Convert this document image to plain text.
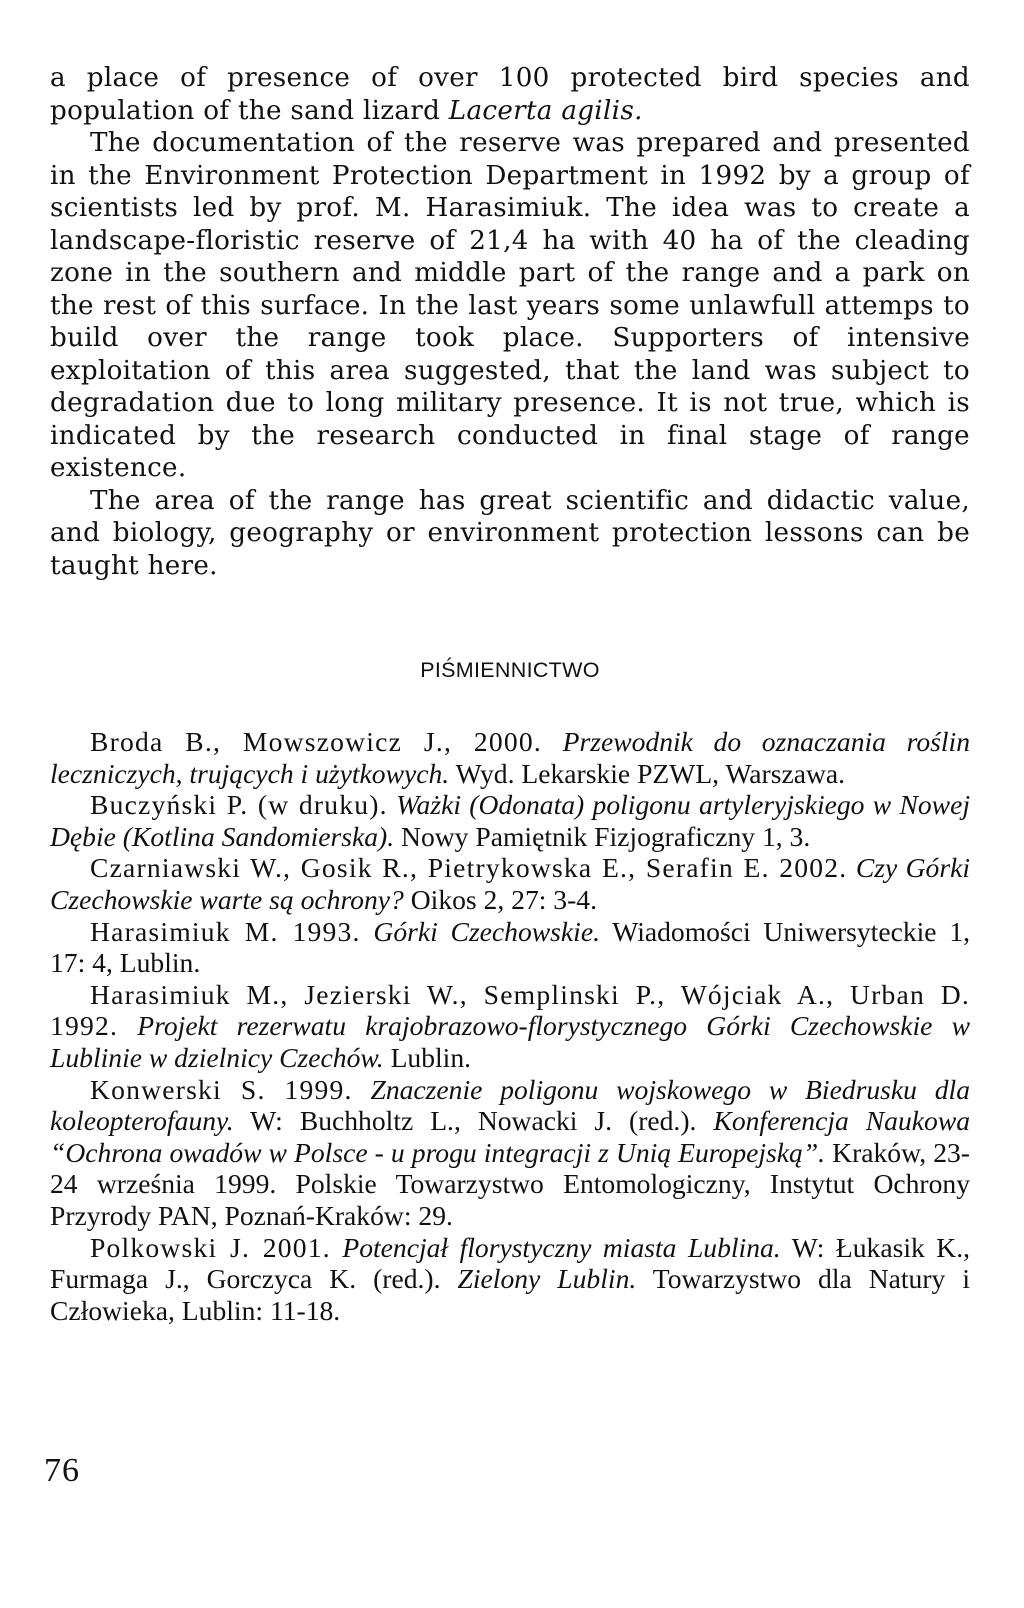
a place of presence of over 100 protected bird species and population of the sand lizard Lacerta agilis.

The documentation of the reserve was prepared and presented in the Environment Protection Department in 1992 by a group of scientists led by prof. M. Harasimiuk. The idea was to create a landscape-floristic reserve of 21,4 ha with 40 ha of the cleading zone in the southern and middle part of the range and a park on the rest of this surface. In the last years some unlawfull attemps to build over the range took place. Supporters of intensive exploitation of this area suggested, that the land was subject to degradation due to long military presence. It is not true, which is indicated by the research conducted in final stage of range existence.

The area of the range has great scientific and didactic value, and biology, geography or environment protection lessons can be taught here.

PIŚMIENNICTWO

Broda B., Mowszowicz J., 2000. Przewodnik do oznaczania roślin leczniczych, trujących i użytkowych. Wyd. Lekarskie PZWL, Warszawa.

Buczyński P. (w druku). Ważki (Odonata) poligonu artyleryjskiego w Nowej Dębie (Kotlina Sandomierska). Nowy Pamiętnik Fizjograficzny 1, 3.

Czarniawski W., Gosik R., Pietrykowska E., Serafin E. 2002. Czy Górki Czechowskie warte są ochrony? Oikos 2, 27: 3-4.

Harasimiuk M. 1993. Górki Czechowskie. Wiadomości Uniwersyteckie 1, 17: 4, Lublin.

Harasimiuk M., Jezierski W., Semplinski P., Wójciak A., Urban D. 1992. Projekt rezerwatu krajobrazowo-florystycznego Górki Czechowskie w Lublinie w dzielnicy Czechów. Lublin.

Konwerski S. 1999. Znaczenie poligonu wojskowego w Biedrusku dla koleopterofauny. W: Buchholtz L., Nowacki J. (red.). Konferencja Naukowa “Ochrona owadów w Polsce - u progu integracji z Unią Europejską”. Kraków, 23-24 września 1999. Polskie Towarzystwo Entomologiczny, Instytut Ochrony Przyrody PAN, Poznań-Kraków: 29.

Polkowski J. 2001. Potencjał florystyczny miasta Lublina. W: Łukasik K., Furmaga J., Gorczyca K. (red.). Zielony Lublin. Towarzystwo dla Natury i Człowieka, Lublin: 11-18.

76
